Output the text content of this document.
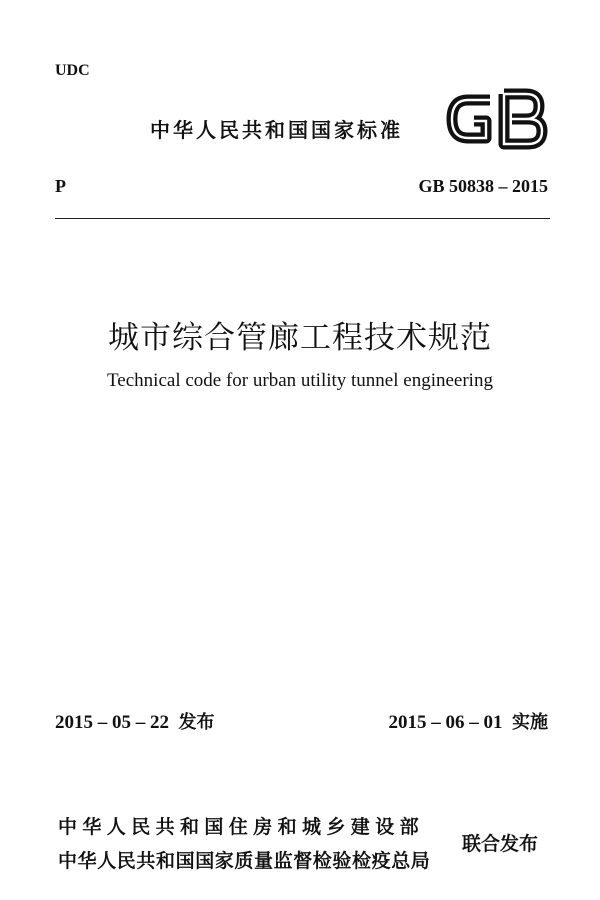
UDC
中华人民共和国国家标准
P	GB 50838 – 2015
城市综合管廊工程技术规范
Technical code for urban utility tunnel engineering
2015 – 05 – 22 发布	2015 – 06 – 01 实施
中华人民共和国住房和城乡建设部
中华人民共和国国家质量监督检验检疫总局
联合发布
